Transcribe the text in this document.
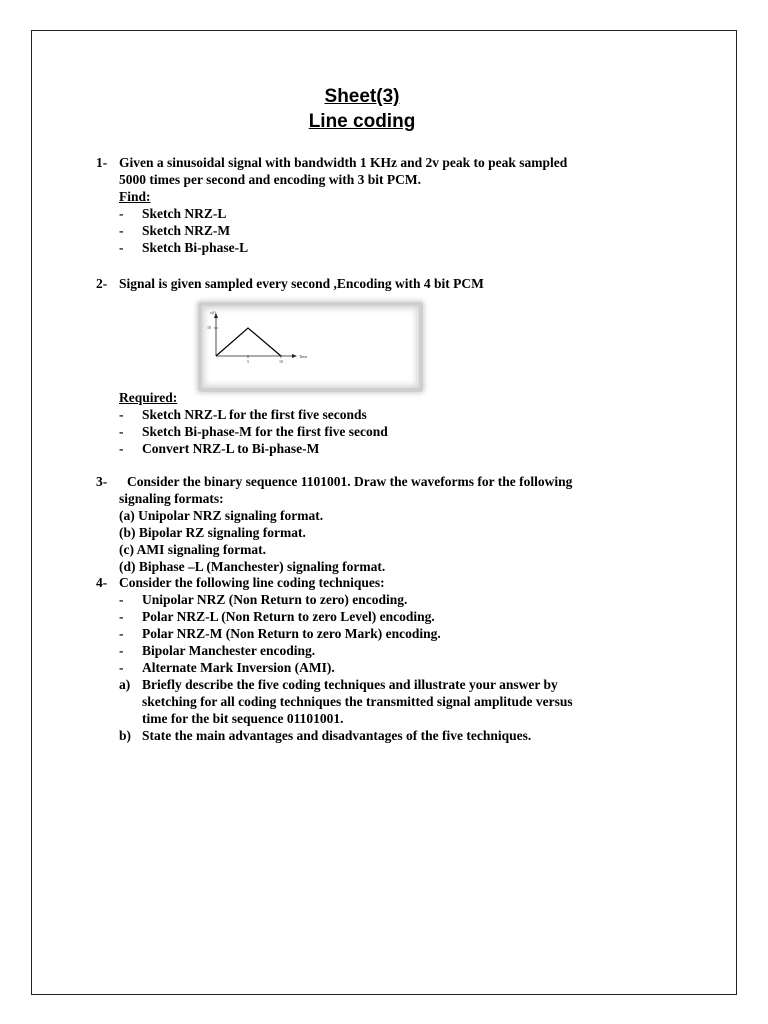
Sheet(3)
Line coding
1- Given a sinusoidal signal with bandwidth 1 KHz and 2v peak to peak sampled
5000 times per second and encoding with 3 bit PCM.
Find:
- Sketch NRZ-L
- Sketch NRZ-M
- Sketch Bi-phase-L
2- Signal is given sampled every second ,Encoding with 4 bit PCM
v(t)
10
5	10
Time
Required:
- Sketch NRZ-L for the first five seconds
- Sketch Bi-phase-M for the first five second
- Convert NRZ-L to Bi-phase-M
3-	Consider the binary sequence 1101001. Draw the waveforms for the following
signaling formats:
(a) Unipolar NRZ signaling format.
(b) Bipolar RZ signaling format.
(c) AMI signaling format.
(d) Biphase –L (Manchester) signaling format.
4- Consider the following line coding techniques:
- Unipolar NRZ (Non Return to zero) encoding.
- Polar NRZ-L (Non Return to zero Level) encoding.
- Polar NRZ-M (Non Return to zero Mark) encoding.
- Bipolar Manchester encoding.
- Alternate Mark Inversion (AMI).
a) Briefly describe the five coding techniques and illustrate your answer by
sketching for all coding techniques the transmitted signal amplitude versus
time for the bit sequence 01101001.
b) State the main advantages and disadvantages of the five techniques.
